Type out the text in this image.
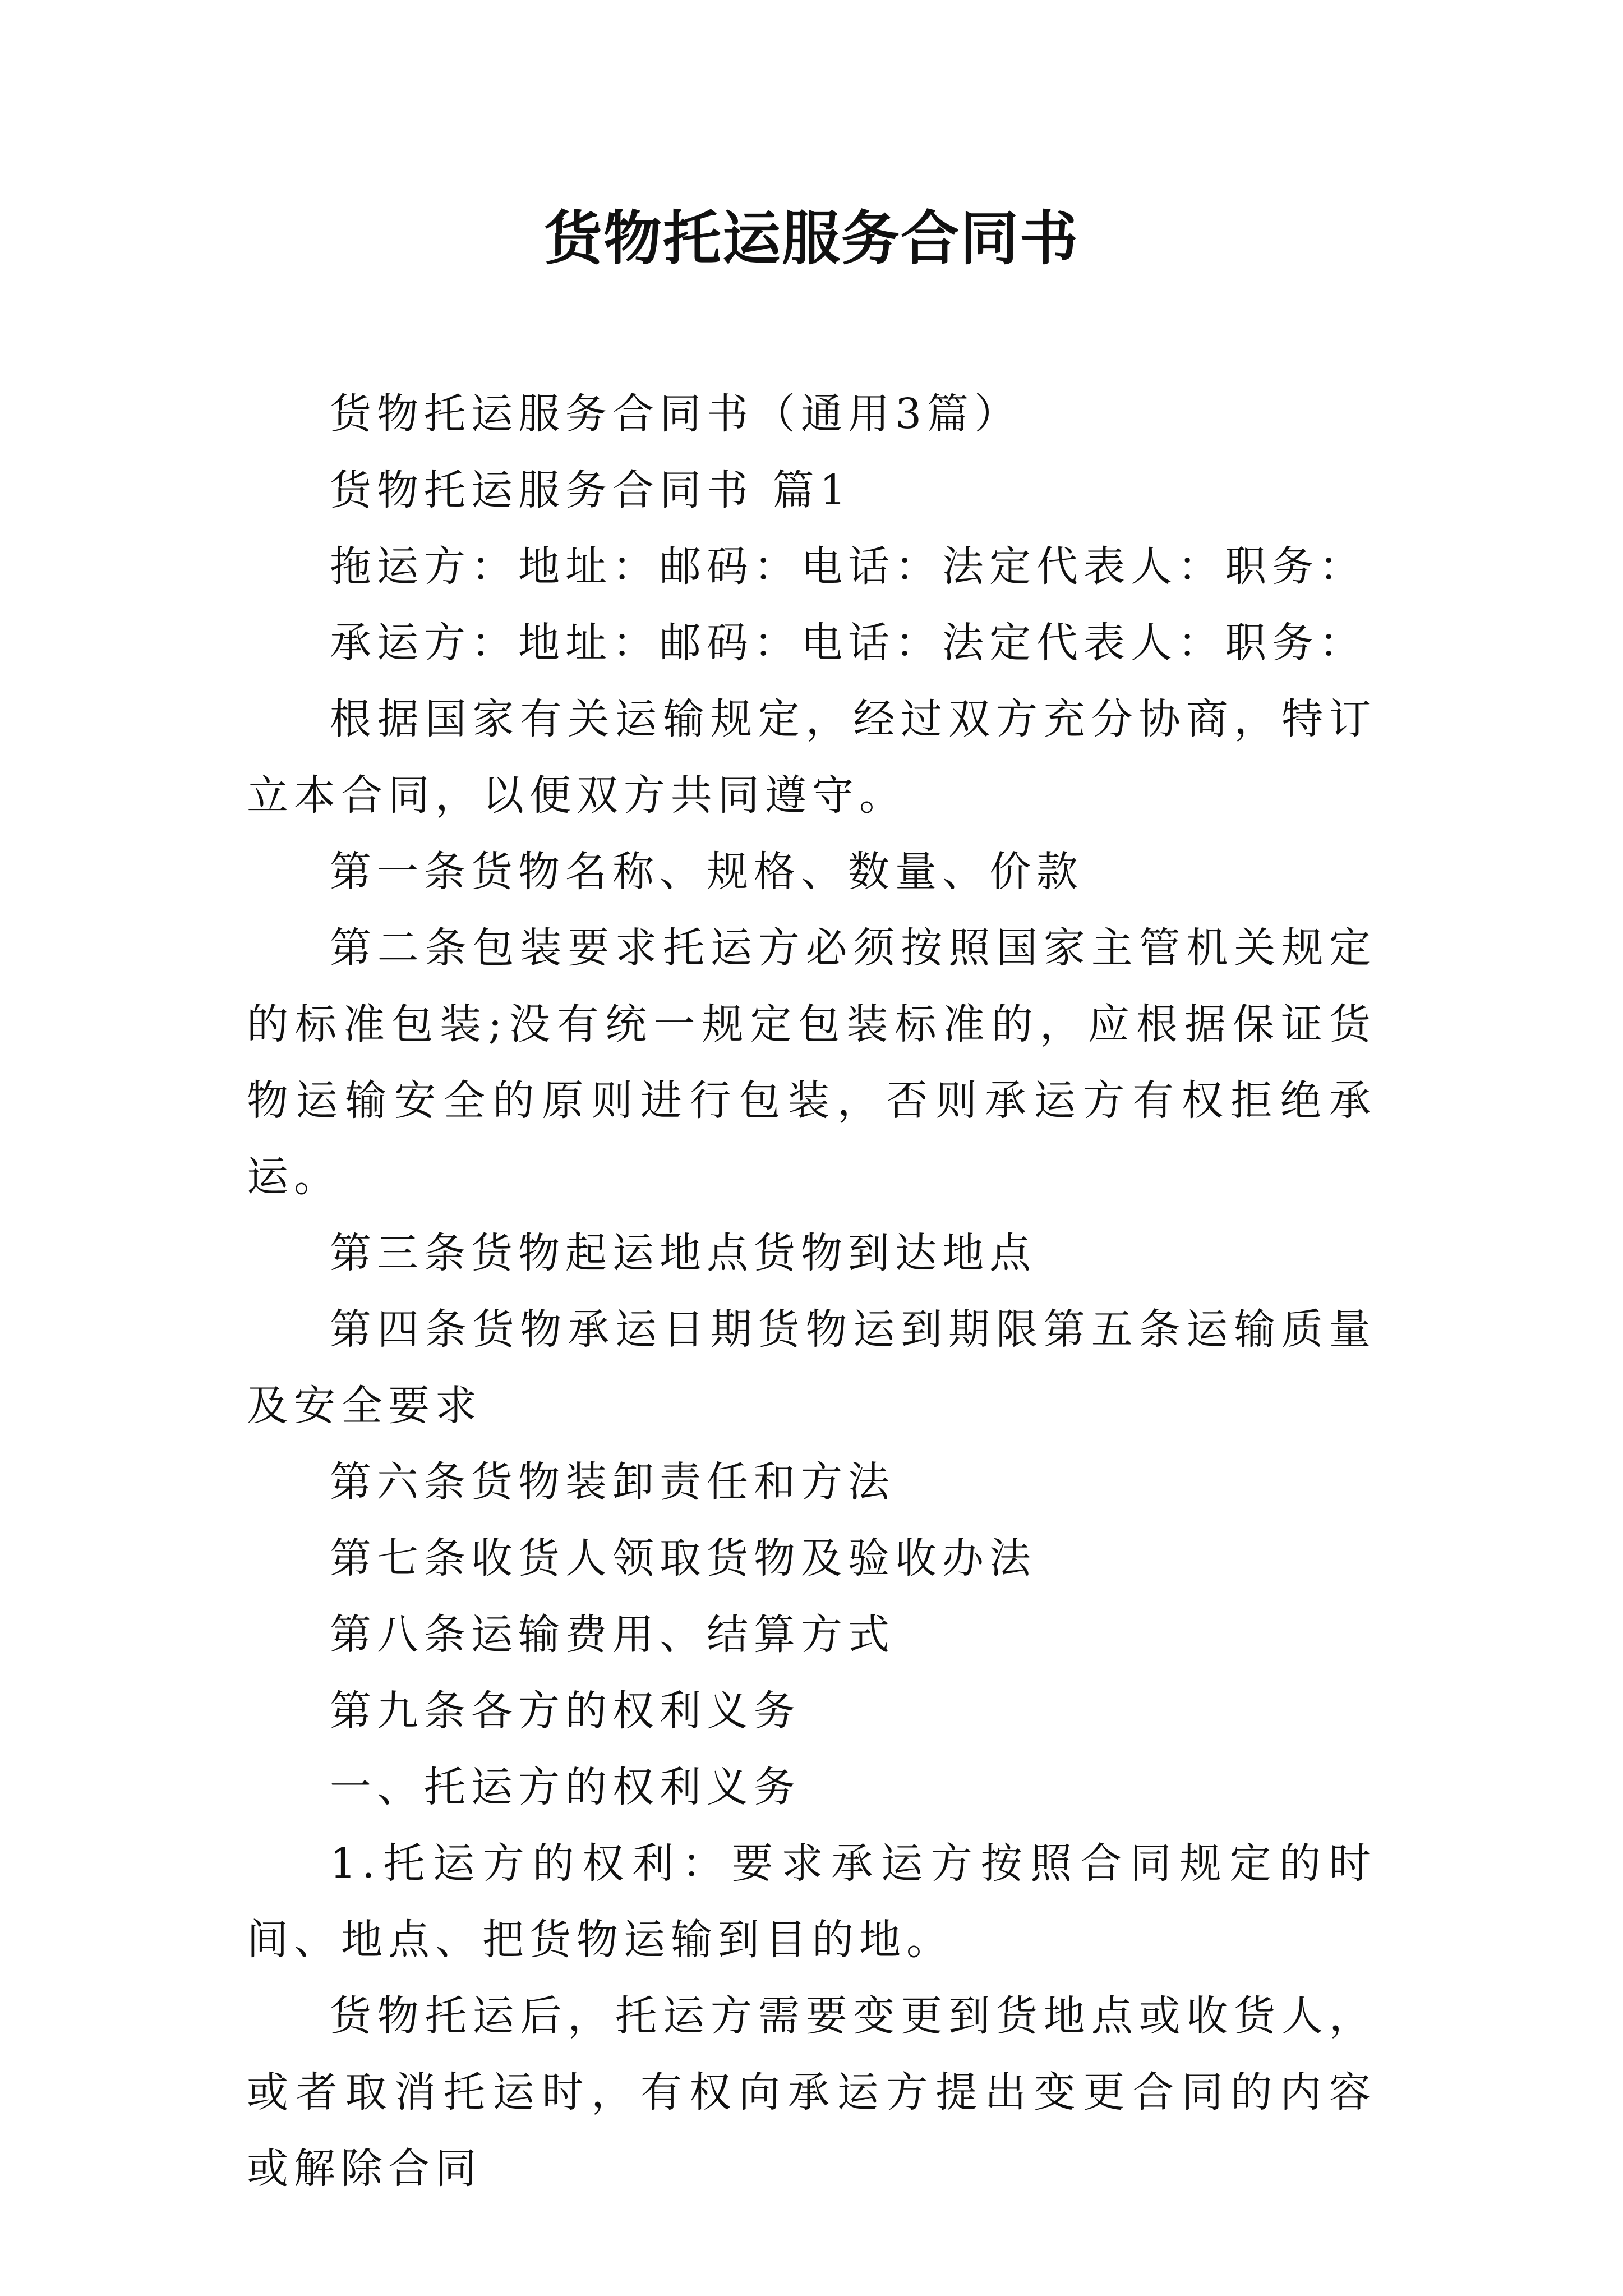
货物托运服务合同书

货物托运服务合同书（通用3篇）

货物托运服务合同书 篇1

拖运方：地址：邮码：电话：法定代表人：职务：

承运方：地址：邮码：电话：法定代表人：职务：

根据国家有关运输规定，经过双方充分协商，特订立本合同，以便双方共同遵守。

第一条货物名称、规格、数量、价款

第二条包装要求托运方必须按照国家主管机关规定的标准包装;没有统一规定包装标准的，应根据保证货物运输安全的原则进行包装，否则承运方有权拒绝承运。

第三条货物起运地点货物到达地点

第四条货物承运日期货物运到期限第五条运输质量及安全要求

第六条货物装卸责任和方法

第七条收货人领取货物及验收办法

第八条运输费用、结算方式

第九条各方的权利义务

一、托运方的权利义务

1.托运方的权利：要求承运方按照合同规定的时间、地点、把货物运输到目的地。

货物托运后，托运方需要变更到货地点或收货人，或者取消托运时，有权向承运方提出变更合同的内容或解除合同
